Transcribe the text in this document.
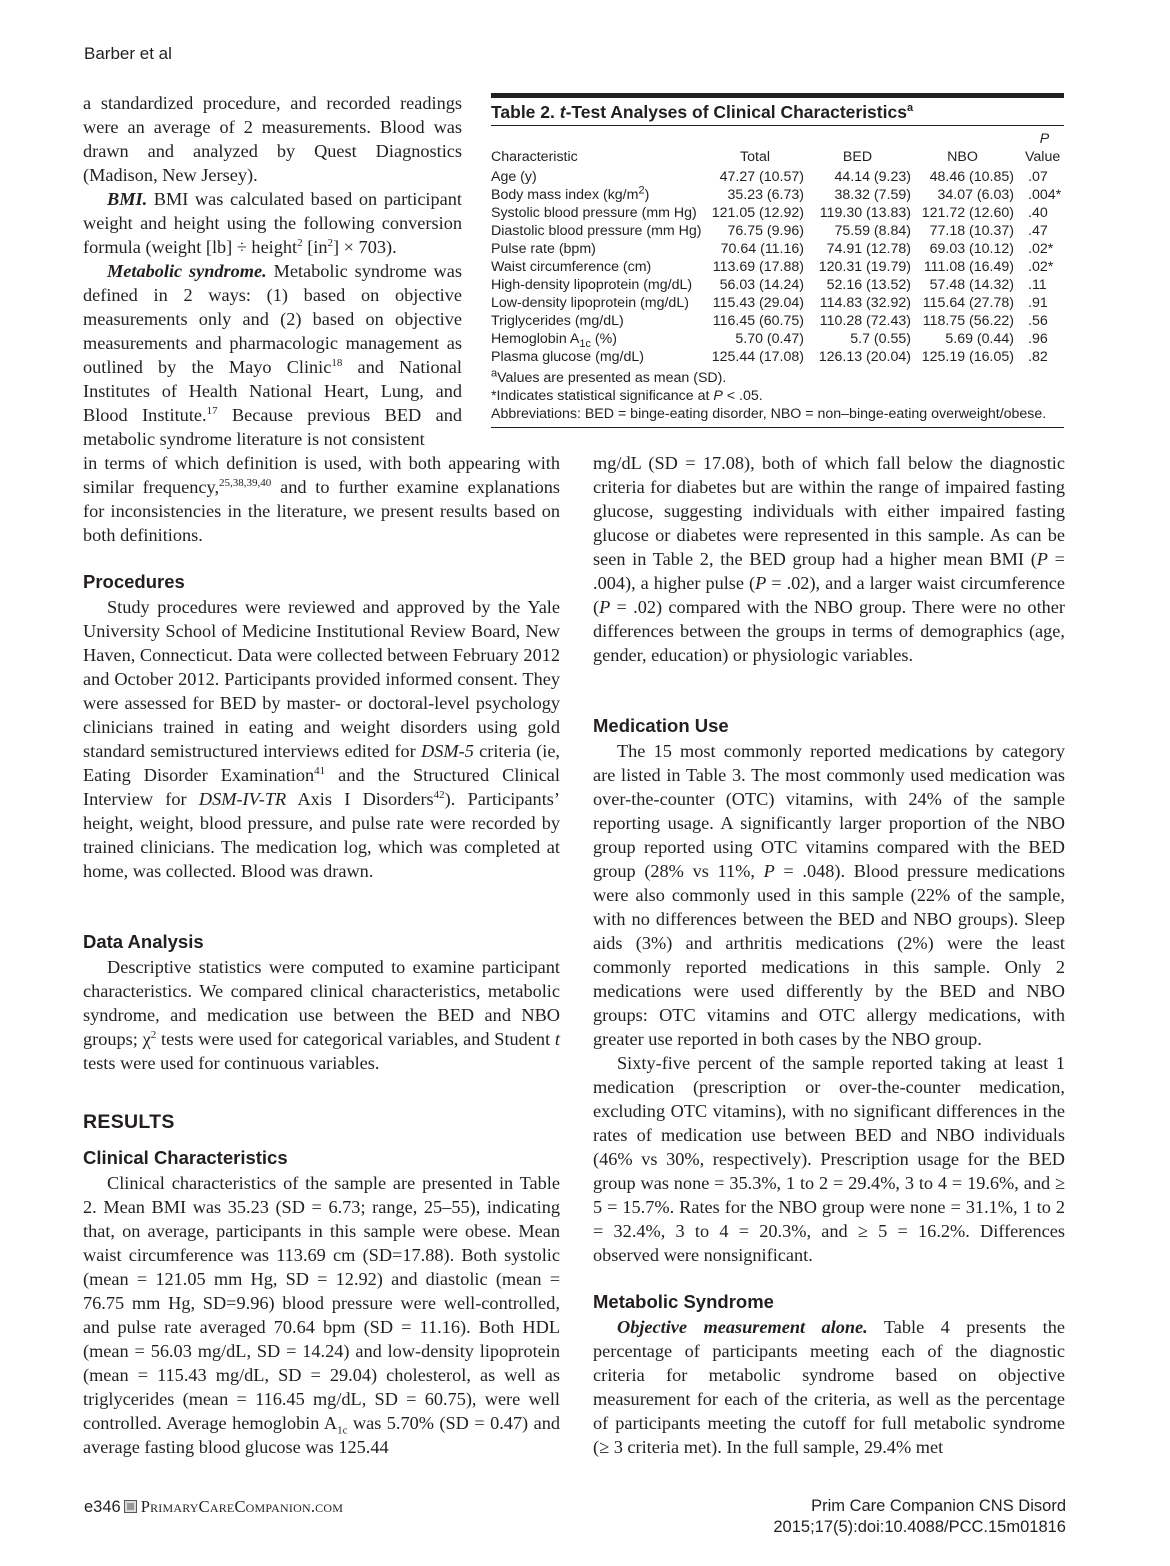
Barber et al

a standardized procedure, and recorded readings were an average of 2 measurements. Blood was drawn and analyzed by Quest Diagnostics (Madison, New Jersey).

BMI. BMI was calculated based on participant weight and height using the following conversion formula (weight [lb] ÷ height$^2$ $[in^2] \times 703$).

Metabolic syndrome. Metabolic syndrome was defined in 2 ways: (1) based on objective measurements only and (2) based on objective measurements and pharmacologic management as outlined by the Mayo Clinic$^{18}$ and National Institutes of Health National Heart, Lung, and Blood Institute.$^{17}$ Because previous BED and metabolic syndrome literature is not consistent

in terms of which definition is used, with both appearing with similar frequency,$^{25,38,39,40}$ and to further examine explanations for inconsistencies in the literature, we present results based on both definitions.

Procedures

Study procedures were reviewed and approved by the Yale University School of Medicine Institutional Review Board, New Haven, Connecticut. Data were collected between February 2012 and October 2012. Participants provided informed consent. They were assessed for BED by master- or doctoral-level psychology clinicians trained in eating and weight disorders using gold standard semistructured interviews edited for DSM-5 criteria (ie, Eating Disorder Examination$^{41}$ and the Structured Clinical Interview for DSM-IV-TR Axis I Disorders$^{42}$). Participants’ height, weight, blood pressure, and pulse rate were recorded by trained clinicians. The medication log, which was completed at home, was collected. Blood was drawn.

Data Analysis

Descriptive statistics were computed to examine participant characteristics. We compared clinical characteristics, metabolic syndrome, and medication use between the BED and NBO groups; $\chi^2$ tests were used for categorical variables, and Student t tests were used for continuous variables.

RESULTS
Clinical Characteristics

Clinical characteristics of the sample are presented in Table 2. Mean BMI was 35.23 (SD = 6.73; range, 25–55), indicating that, on average, participants in this sample were obese. Mean waist circumference was 113.69 cm (SD=17.88). Both systolic (mean = 121.05 mm Hg, SD = 12.92) and diastolic (mean = 76.75 mm Hg, SD=9.96) blood pressure were well-controlled, and pulse rate averaged 70.64 bpm (SD = 11.16). Both HDL (mean = 56.03 mg/dL, SD = 14.24) and low-density lipoprotein (mean = 115.43 mg/dL, SD = 29.04) cholesterol, as well as triglycerides (mean = 116.45 mg/dL, SD = 60.75), were well controlled. Average hemoglobin $A_{1c}$ was 5.70% (SD = 0.47) and average fasting blood glucose was 125.44

mg/dL (SD = 17.08), both of which fall below the diagnostic criteria for diabetes but are within the range of impaired fasting glucose, suggesting individuals with either impaired fasting glucose or diabetes were represented in this sample. As can be seen in Table 2, the BED group had a higher mean BMI (P = .004), a higher pulse (P = .02), and a larger waist circumference (P = .02) compared with the NBO group. There were no other differences between the groups in terms of demographics (age, gender, education) or physiologic variables.

Medication Use

The 15 most commonly reported medications by category are listed in Table 3. The most commonly used medication was over-the-counter (OTC) vitamins, with 24% of the sample reporting usage. A significantly larger proportion of the NBO group reported using OTC vitamins compared with the BED group (28% vs 11%, P = .048). Blood pressure medications were also commonly used in this sample (22% of the sample, with no differences between the BED and NBO groups). Sleep aids (3%) and arthritis medications (2%) were the least commonly reported medications in this sample. Only 2 medications were used differently by the BED and NBO groups: OTC vitamins and OTC allergy medications, with greater use reported in both cases by the NBO group.

Sixty-five percent of the sample reported taking at least 1 medication (prescription or over-the-counter medication, excluding OTC vitamins), with no significant differences in the rates of medication use between BED and NBO individuals (46% vs 30%, respectively). Prescription usage for the BED group was none = 35.3%, 1 to 2 = 29.4%, 3 to 4 = 19.6%, and ≥ 5 = 15.7%. Rates for the NBO group were none = 31.1%, 1 to 2 = 32.4%, 3 to 4 = 20.3%, and ≥ 5 = 16.2%. Differences observed were nonsignificant.

Metabolic Syndrome

Objective measurement alone. Table 4 presents the percentage of participants meeting each of the diagnostic criteria for metabolic syndrome based on objective measurement for each of the criteria, as well as the percentage of participants meeting the cutoff for full metabolic syndrome (≥ 3 criteria met). In the full sample, 29.4% met

Table 2. t-Test Analyses of Clinical Characteristics$^a$
Characteristic	Total	BED	NBO	P
Value
Age (y)	47.27 (10.57)	44.14 (9.23)	48.46 (10.85)	.07
Body mass index $(kg/m^2)$	35.23 (6.73)	38.32 (7.59)	34.07 (6.03)	.004*
Systolic blood pressure (mm Hg)	121.05 (12.92)	119.30 (13.83)	121.72 (12.60)	.40
Diastolic blood pressure (mm Hg)	76.75 (9.96)	75.59 (8.84)	77.18 (10.37)	.47
Pulse rate (bpm)	70.64 (11.16)	74.91 (12.78)	69.03 (10.12)	.02*
Waist circumference (cm)	113.69 (17.88)	120.31 (19.79)	111.08 (16.49)	.02*
High-density lipoprotein (mg/dL)	56.03 (14.24)	52.16 (13.52)	57.48 (14.32)	.11
Low-density lipoprotein (mg/dL)	115.43 (29.04)	114.83 (32.92)	115.64 (27.78)	.91
Triglycerides (mg/dL)	116.45 (60.75)	110.28 (72.43)	118.75 (56.22)	.56
Hemoglobin $A_{1c}$ (%)	5.70 (0.47)	5.7 (0.55)	5.69 (0.44)	.96
Plasma glucose (mg/dL)	125.44 (17.08)	126.13 (20.04)	125.19 (16.05)	.82
$^a$Values are presented as mean (SD).
*Indicates statistical significance at P < .05.
Abbreviations: BED = binge-eating disorder, NBO = non–binge-eating overweight/obese.
e346 PrimaryCareCompanion.com	Prim Care Companion CNS Disord
2015;17(5):doi:10.4088/PCC.15m01816
